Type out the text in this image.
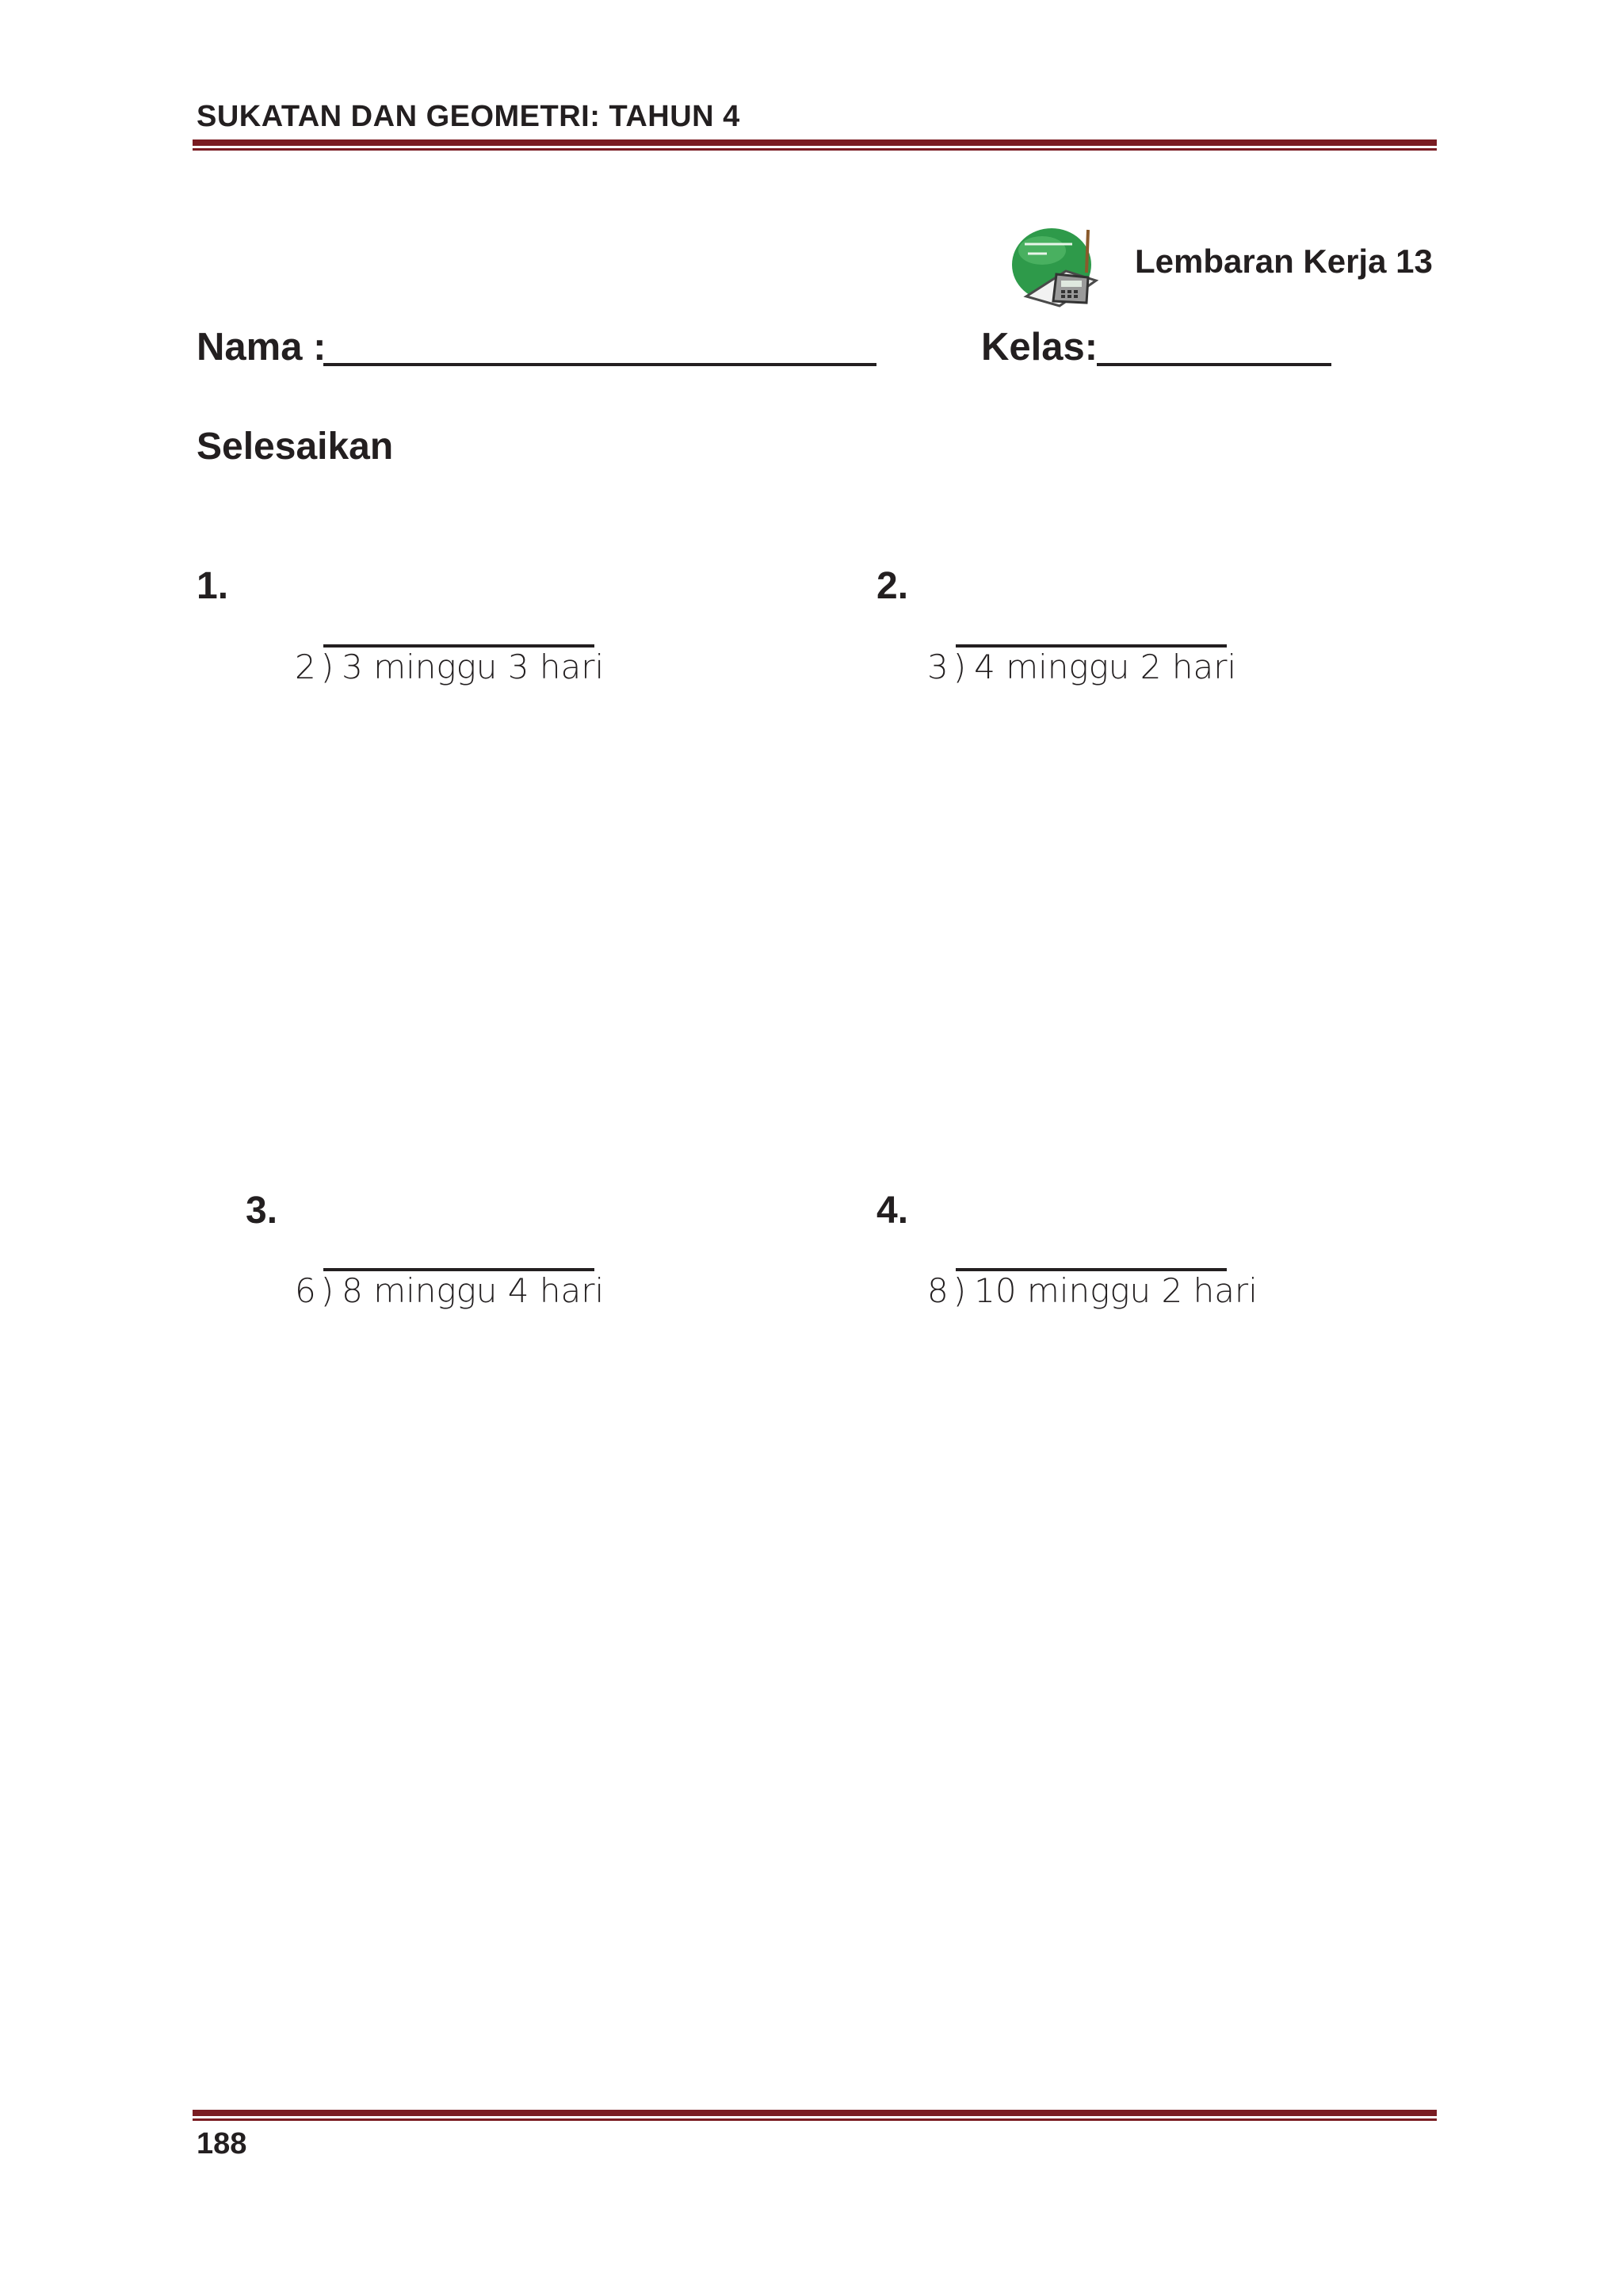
SUKATAN DAN GEOMETRI: TAHUN 4
Lembaran Kerja 13
Nama :	Kelas:
Selesaikan
1.
2 ) 3 minggu 3 hari
2.
3 ) 4 minggu 2 hari
3.
6 ) 8 minggu 4 hari
4.
8 ) 10 minggu 2 hari
188
